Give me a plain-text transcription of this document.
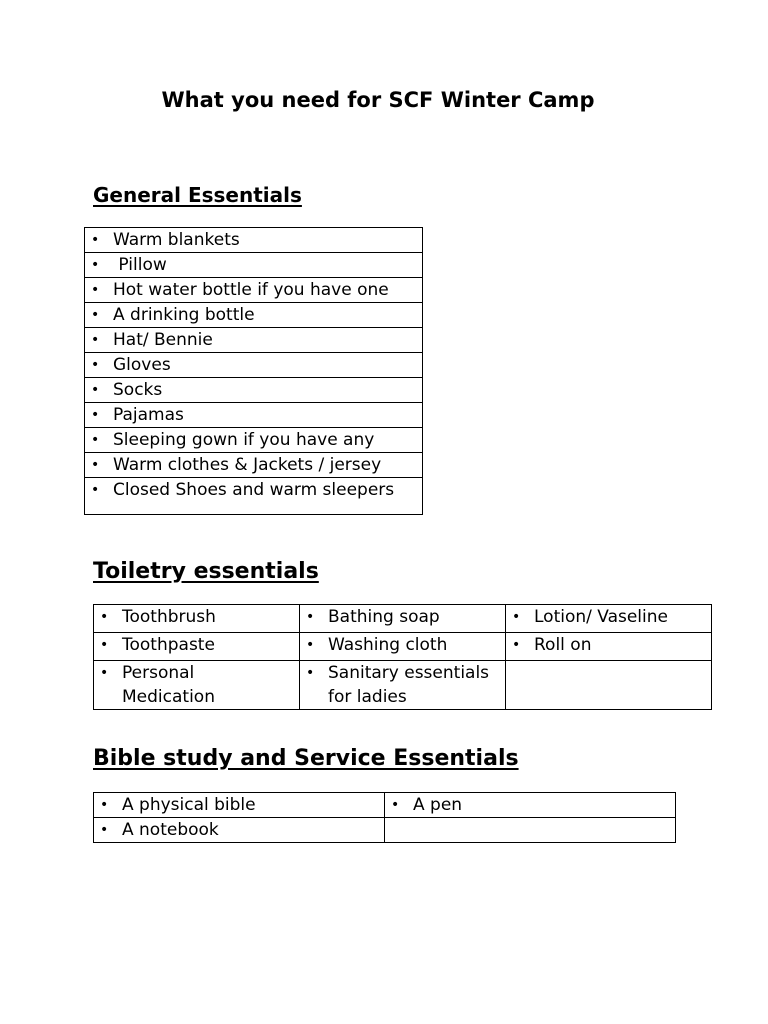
What you need for SCF Winter Camp
General Essentials
• Warm blankets

• Pillow

• Hot water bottle if you have one

• A drinking bottle

• Hat/ Bennie

• Gloves

• Socks

• Pajamas

• Sleeping gown if you have any

• Warm clothes & Jackets / jersey

• Closed Shoes and warm sleepers
Toiletry essentials
• Toothbrush	• Bathing soap	• Lotion/ Vaseline

• Toothpaste	• Washing cloth	• Roll on

• Personal Medication	• Sanitary essentials for ladies	

Bible study and Service Essentials
• A physical bible	• A pen

• A notebook	
